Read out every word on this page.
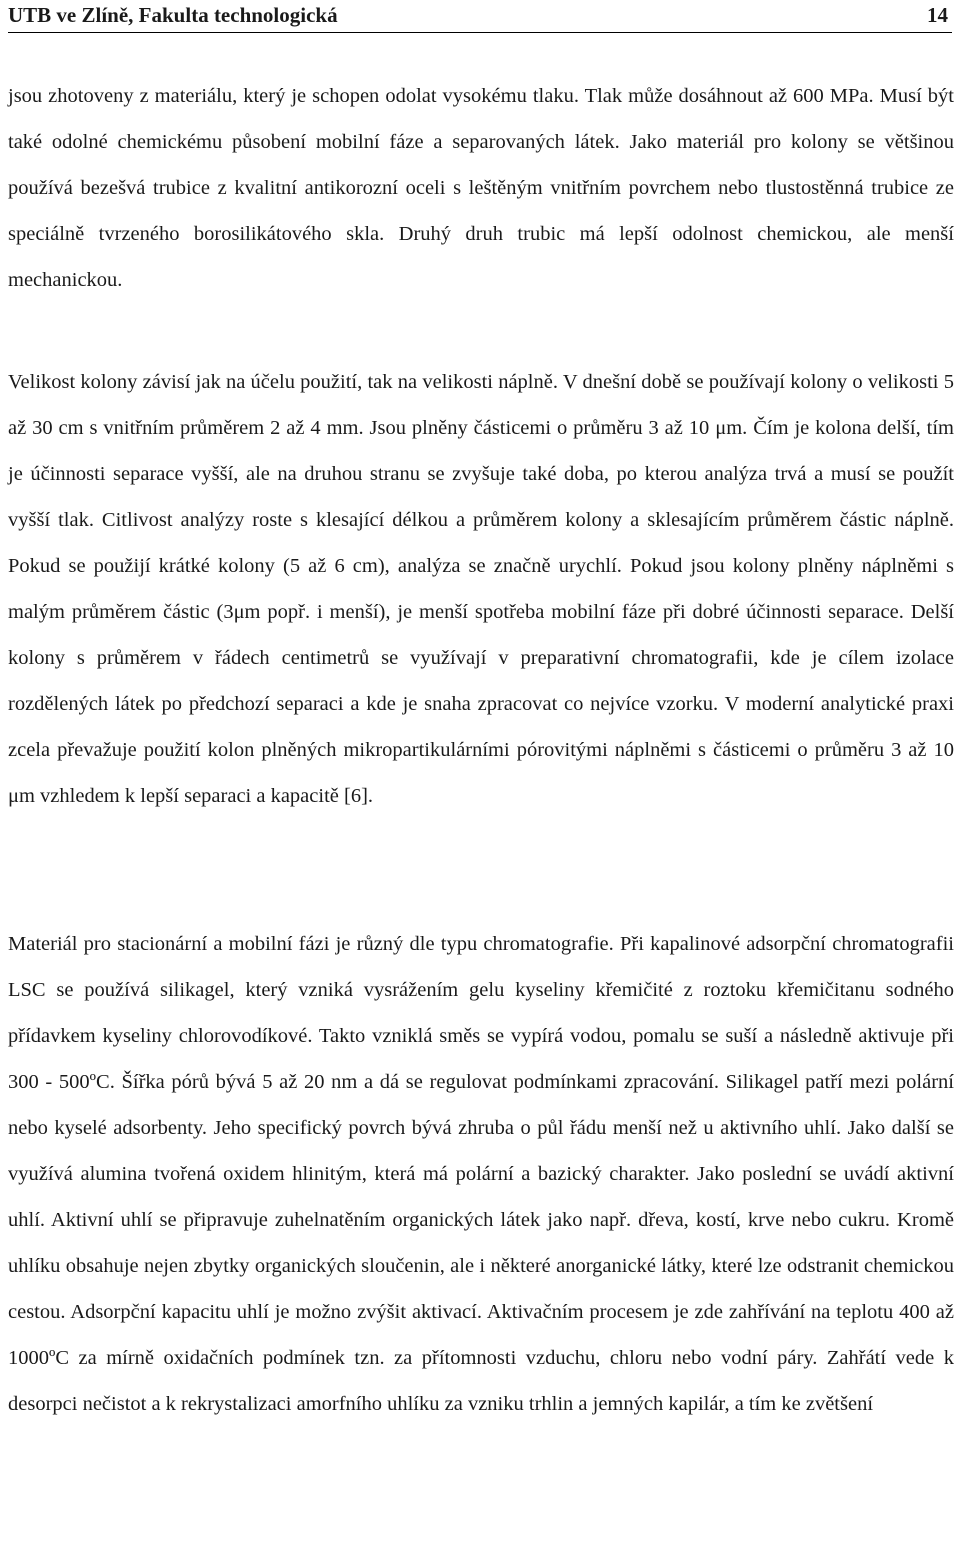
UTB ve Zlíně, Fakulta technologická	14

jsou zhotoveny z materiálu, který je schopen odolat vysokému tlaku. Tlak může dosáhnout až 600 MPa. Musí být také odolné chemickému působení mobilní fáze a separovaných látek. Jako materiál pro kolony se většinou používá bezešvá trubice z kvalitní antikorozní oceli s leštěným vnitřním povrchem nebo tlustostěnná trubice ze speciálně tvrzeného borosilikátového skla. Druhý druh trubic má lepší odolnost chemickou, ale menší mechanickou.

Velikost kolony závisí jak na účelu použití, tak na velikosti náplně. V dnešní době se používají kolony o velikosti 5 až 30 cm s vnitřním průměrem 2 až 4 mm. Jsou plněny částicemi o průměru 3 až 10 μm. Čím je kolona delší, tím je účinnosti separace vyšší, ale na druhou stranu se zvyšuje také doba, po kterou analýza trvá a musí se použít vyšší tlak. Citlivost analýzy roste s klesající délkou a průměrem kolony a sklesajícím průměrem částic náplně. Pokud se použijí krátké kolony (5 až 6 cm), analýza se značně urychlí. Pokud jsou kolony plněny náplněmi s malým průměrem částic (3μm popř. i menší), je menší spotřeba mobilní fáze při dobré účinnosti separace. Delší kolony s průměrem v řádech centimetrů se využívají v preparativní chromatografii, kde je cílem izolace rozdělených látek po předchozí separaci a kde je snaha zpracovat co nejvíce vzorku. V moderní analytické praxi zcela převažuje použití kolon plněných mikropartikulárními pórovitými náplněmi s částicemi o průměru 3 až 10 μm vzhledem k lepší separaci a kapacitě [6].

Materiál pro stacionární a mobilní fázi je různý dle typu chromatografie. Při kapalinové adsorpční chromatografii LSC se používá silikagel, který vzniká vysrážením gelu kyseliny křemičité z roztoku křemičitanu sodného přídavkem kyseliny chlorovodíkové. Takto vzniklá směs se vypírá vodou, pomalu se suší a následně aktivuje při 300 - 500ºC. Šířka pórů bývá 5 až 20 nm a dá se regulovat podmínkami zpracování. Silikagel patří mezi polární nebo kyselé adsorbenty. Jeho specifický povrch bývá zhruba o půl řádu menší než u aktivního uhlí. Jako další se využívá alumina tvořená oxidem hlinitým, která má polární a bazický charakter. Jako poslední se uvádí aktivní uhlí. Aktivní uhlí se připravuje zuhelnatěním organických látek jako např. dřeva, kostí, krve nebo cukru. Kromě uhlíku obsahuje nejen zbytky organických sloučenin, ale i některé anorganické látky, které lze odstranit chemickou cestou. Adsorpční kapacitu uhlí je možno zvýšit aktivací. Aktivačním procesem je zde zahřívání na teplotu 400 až 1000ºC za mírně oxidačních podmínek tzn. za přítomnosti vzduchu, chloru nebo vodní páry. Zahřátí vede k desorpci nečistot a k rekrystalizaci amorfního uhlíku za vzniku trhlin a jemných kapilár, a tím ke zvětšení
